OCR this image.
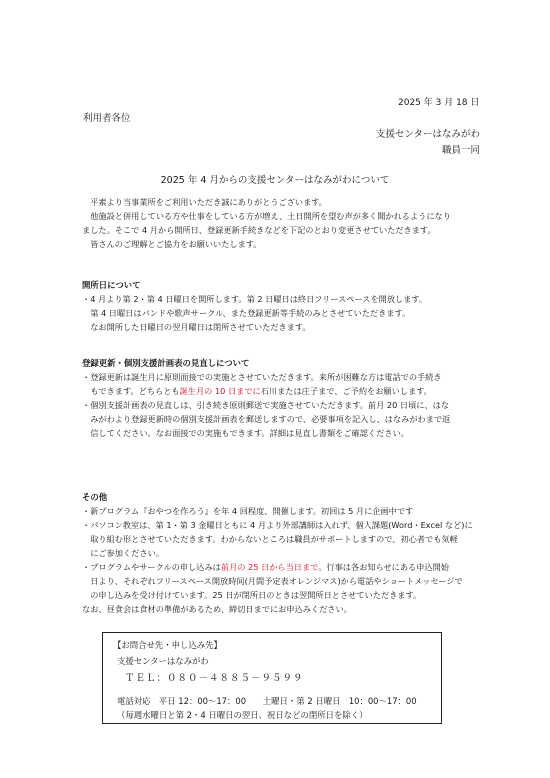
2025 年 3 月 18 日
利用者各位
支援センターはなみがわ
職員一同
2025 年 4 月からの支援センターはなみがわについて

平素より当事業所をご利用いただき誠にありがとうございます。

他施設と併用している方や仕事をしている方が増え、土日開所を望む声が多く聞かれるようになり

ました。そこで 4 月から開所日、登録更新手続きなどを下記のとおり変更させていただきます。

皆さんのご理解とご協力をお願いいたします。

開所日について

・4 月より第 2・第 4 日曜日を開所します。第 2 日曜日は終日フリースペースを開放します。

第 4 日曜日はバンドや歌声サークル、また登録更新等手続のみとさせていただきます。

なお開所した日曜日の翌月曜日は閉所させていただきます。

登録更新・個別支援計画表の見直しについて

・登録更新は誕生月に原則面接での実施とさせていただきます。来所が困難な方は電話での手続き

もできます。どちらとも誕生月の 10 日までに石川または庄子まで、ご予約をお願いします。

・個別支援計画表の見直しは、引き続き原則郵送で実施させていただきます。前月 20 日頃に、はな

みがわより登録更新時の個別支援計画表を郵送しますので、必要事項を記入し、はなみがわまで返

信してください。なお面接での実施もできます。詳細は見直し書類をご確認ください。

その他

・新プログラム『おやつを作ろう』を年 4 回程度、開催します。初回は 5 月に企画中です

・パソコン教室は、第 1・第 3 金曜日ともに 4 月より外部講師は入れず、個人課題(Word・Excel など)に

取り組む形とさせていただきます。わからないところは職員がサポートしますので、初心者でも気軽

にご参加ください。

・プログラムやサークルの申し込みは前月の 25 日から当日まで。行事は各お知らせにある申込開始

日より、それぞれフリースペース開放時间(月間予定表オレンジマス)から電話やショートメッセージで

の申し込みを受け付けています。25 日が閉所日のときは翌開所日とさせていただきます。

なお、昼食会は食材の準備があるため、締切日までにお申込みください。

【お問合せ先・申し込み先】
支援センターはなみがわ
ＴＥＬ：０８０－４８８５－９５９９
電話対応　平日 12：00～17：00　　土曜日・第 2 日曜日　10：00～17：00
（毎週水曜日と第 2・4 日曜日の翌日、祝日などの閉所日を除く）
